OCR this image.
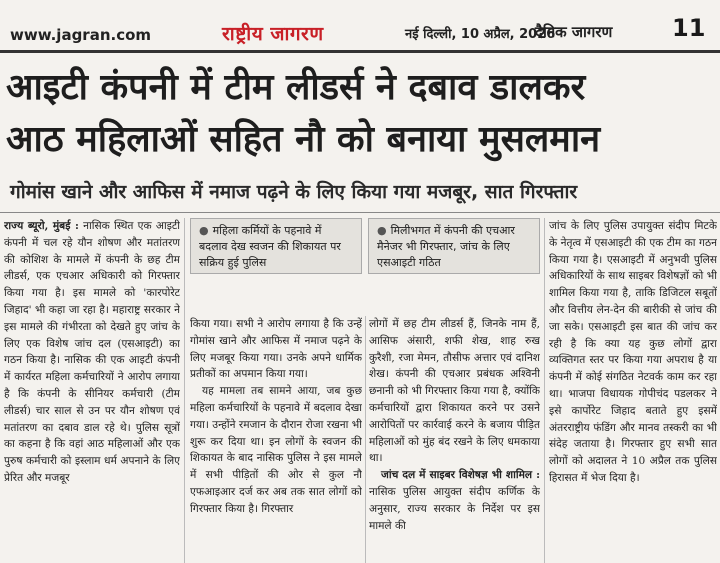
www.jagran.com	राष्ट्रीय जागरण	नई दिल्ली, 10 अप्रैल, 2026
दैनिक जागरण 11
आइटी कंपनी में टीम लीडर्स ने दबाव डालकर
आठ महिलाओं सहित नौ को बनाया मुसलमान
गोमांस खाने और आफिस में नमाज पढ़ने के लिए किया गया मजबूर, सात गिरफ्तार
राज्य ब्यूरो, मुंबई : नासिक स्थित एक आइटी कंपनी में चल रहे यौन शोषण और मतांतरण की कोशिश के मामले में कंपनी के छह टीम लीडर्स, एक एचआर अधिकारी को गिरफ्तार किया गया है। इस मामले को 'कारपोरेट जिहाद' भी कहा जा रहा है। महाराष्ट्र सरकार ने इस मामले की गंभीरता को देखते हुए जांच के लिए एक विशेष जांच दल (एसआइटी) का गठन किया है। नासिक की एक आइटी कंपनी में कार्यरत महिला कर्मचारियों ने आरोप लगाया है कि कंपनी के सीनियर कर्मचारी (टीम लीडर्स) चार साल से उन पर यौन शोषण एवं मतांतरण का दबाव डाल रहे थे। पुलिस सूत्रों का कहना है कि वहां आठ महिलाओं और एक पुरुष कर्मचारी को इस्लाम धर्म अपनाने के लिए प्रेरित और मजबूर
● महिला कर्मियों के पहनावे में बदलाव देख स्वजन की शिकायत पर सक्रिय हुई पुलिस
● मिलीभगत में कंपनी की एचआर मैनेजर भी गिरफ्तार, जांच के लिए एसआइटी गठित
किया गया। सभी ने आरोप लगाया है कि उन्हें गोमांस खाने और आफिस में नमाज पढ़ने के लिए मजबूर किया गया। उनके अपने धार्मिक प्रतीकों का अपमान किया गया।
यह मामला तब सामने आया, जब कुछ महिला कर्मचारियों के पहनावे में बदलाव देखा गया। उन्होंने रमजान के दौरान रोजा रखना भी शुरू कर दिया था। इन लोगों के स्वजन की शिकायत के बाद नासिक पुलिस ने इस मामले में सभी पीड़ितों की ओर से कुल नौ एफआइआर दर्ज कर अब तक सात लोगों को गिरफ्तार किया है। गिरफ्तार
लोगों में छह टीम लीडर्स हैं, जिनके नाम हैं, आसिफ अंसारी, शफी शेख, शाह रुख कुरैशी, रजा मेमन, तौसीफ अत्तार एवं दानिश शेख। कंपनी की एचआर प्रबंधक अश्विनी छनानी को भी गिरफ्तार किया गया है, क्योंकि कर्मचारियों द्वारा शिकायत करने पर उसने आरोपितों पर कार्रवाई करने के बजाय पीड़ित महिलाओं को मुंह बंद रखने के लिए धमकाया था।
जांच दल में साइबर विशेषज्ञ भी शामिल : नासिक पुलिस आयुक्त संदीप कर्णिक के अनुसार, राज्य सरकार के निर्देश पर इस मामले की
जांच के लिए पुलिस उपायुक्त संदीप मिटके के नेतृत्व में एसआइटी की एक टीम का गठन किया गया है। एसआइटी में अनुभवी पुलिस अधिकारियों के साथ साइबर विशेषज्ञों को भी शामिल किया गया है, ताकि डिजिटल सबूतों और वित्तीय लेन-देन की बारीकी से जांच की जा सके। एसआइटी इस बात की जांच कर रही है कि क्या यह कुछ लोगों द्वारा व्यक्तिगत स्तर पर किया गया अपराध है या कंपनी में कोई संगठित नेटवर्क काम कर रहा था। भाजपा विधायक गोपीचंद पडलकर ने इसे कार्पोरेट जिहाद बताते हुए इसमें अंतरराष्ट्रीय फंडिंग और मानव तस्करी का भी संदेह जताया है। गिरफ्तार हुए सभी सात लोगों को अदालत ने 10 अप्रैल तक पुलिस हिरासत में भेज दिया है।
